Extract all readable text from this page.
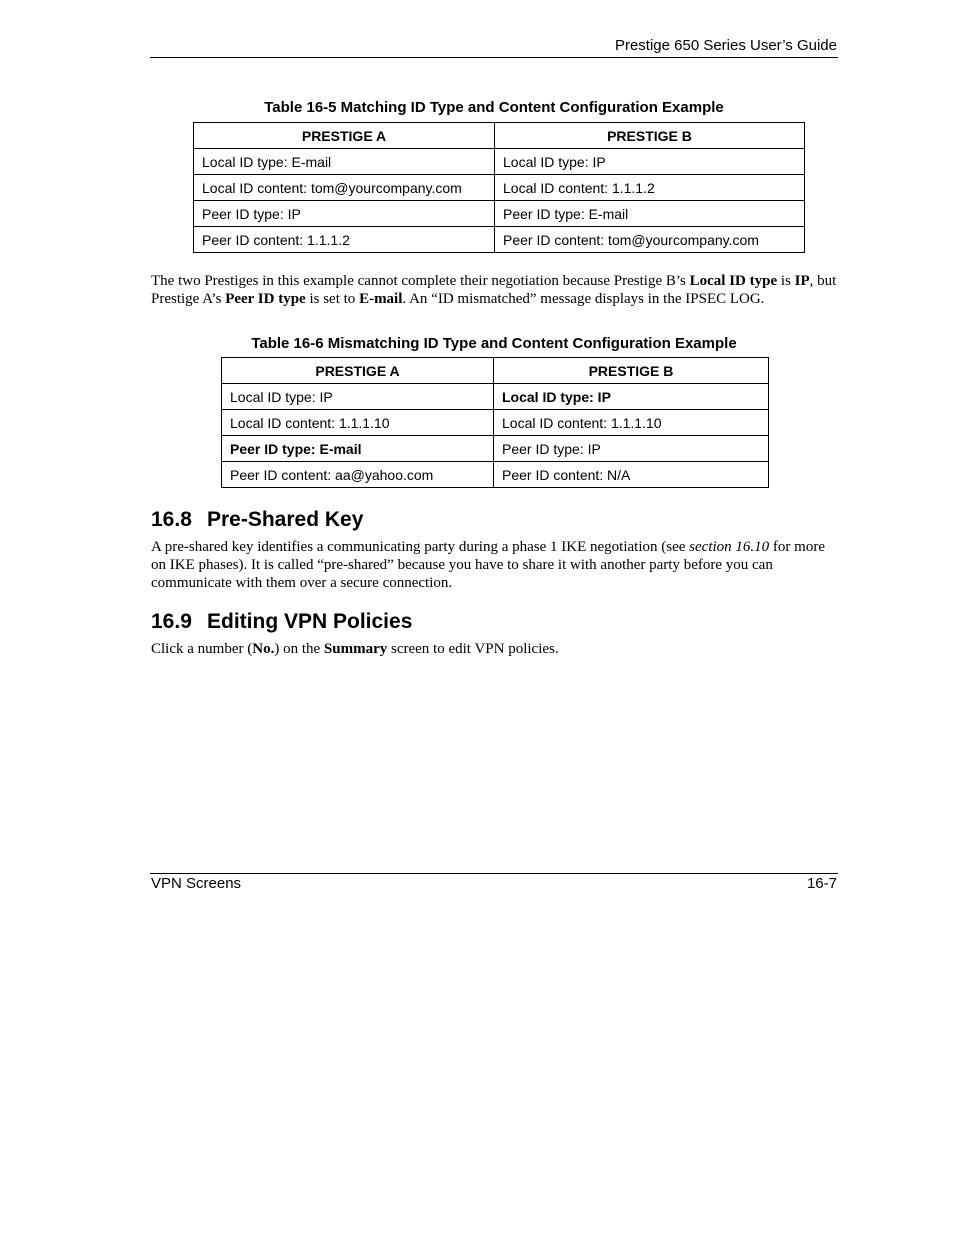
Prestige 650 Series User’s Guide
Table 16-5 Matching ID Type and Content Configuration Example
PRESTIGE A	PRESTIGE B
Local ID type: E-mail	Local ID type: IP
Local ID content: tom@yourcompany.com	Local ID content: 1.1.1.2
Peer ID type: IP	Peer ID type: E-mail
Peer ID content: 1.1.1.2	Peer ID content: tom@yourcompany.com
The two Prestiges in this example cannot complete their negotiation because Prestige B’s Local ID type is IP, but Prestige A’s Peer ID type is set to E-mail. An “ID mismatched” message displays in the IPSEC LOG.
Table 16-6 Mismatching ID Type and Content Configuration Example
PRESTIGE A	PRESTIGE B
Local ID type: IP	Local ID type: IP
Local ID content: 1.1.1.10	Local ID content: 1.1.1.10
Peer ID type: E-mail	Peer ID type: IP
Peer ID content: aa@yahoo.com	Peer ID content: N/A
16.8 Pre-Shared Key
A pre-shared key identifies a communicating party during a phase 1 IKE negotiation (see section 16.10 for more on IKE phases). It is called “pre-shared” because you have to share it with another party before you can communicate with them over a secure connection.
16.9 Editing VPN Policies
Click a number (No.) on the Summary screen to edit VPN policies.
VPN Screens	16-7
